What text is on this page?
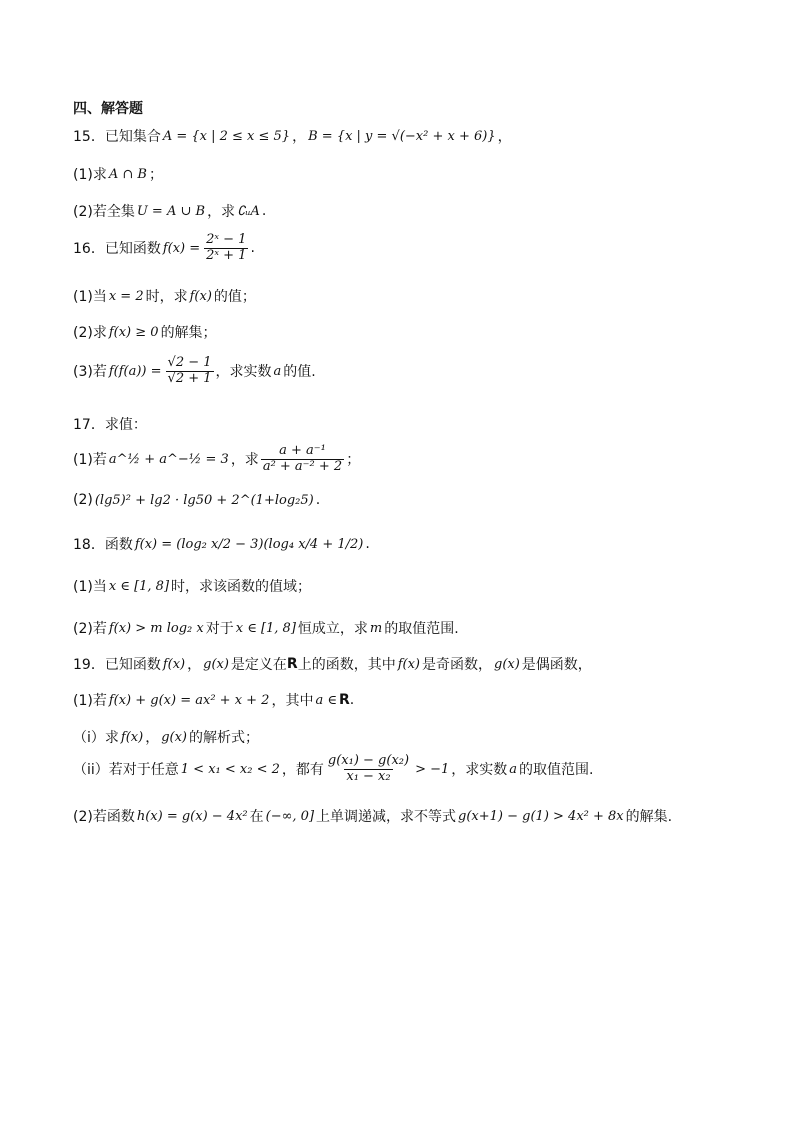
四、解答题
15．已知集合 A = {x | 2 ≤ x ≤ 5} ， B = {x | y = √(−x² + x + 6)} ，
(1)求 A ∩ B ；
(2)若全集 U = A ∪ B ，求 ∁ᵤA .
16．已知函数 $f(x) = \frac{\text{2ˣ − 1}}{\text{2ˣ + 1}}$ .
(1)当 x = 2 时，求 f(x) 的值；
(2)求 f(x) ≥ 0 的解集；
(3)若 $f(f(a)) = \frac{√2 - 1}{√2 + 1}$ ，求实数 a 的值.
17．求值：
(1)若 a^½ + a^−½ = 3 ，求 $\frac{\text{a + a⁻¹}}{\text{a² + a⁻² + 2}}$ ；
(2) (lg5)² + lg2 · lg50 + 2^(1+log₂5) .
18．函数 f(x) = (log₂ x/2 − 3)(log₄ x/4 + 1/2) .
(1)当 x ∈ [1, 8] 时，求该函数的值域；
(2)若 f(x) > m log₂ x 对于 x ∈ [1, 8] 恒成立，求 m 的取值范围.
19．已知函数 f(x) ， g(x) 是定义在 R 上的函数，其中 f(x) 是奇函数， g(x) 是偶函数，
(1)若 f(x) + g(x) = ax² + x + 2 ，其中 a ∈ R .
（i）求 f(x) ， g(x) 的解析式；
（ii）若对于任意 1 < x₁ < x₂ < 2 ，都有 $\frac{\text{g(x₁) − g(x₂)}}{\text{x₁ − x₂}} > -1$ ，求实数 a 的取值范围.
(2)若函数 h(x) = g(x) − 4x² 在 (−∞, 0] 上单调递减，求不等式 g(x+1) − g(1) > 4x² + 8x 的解集.
